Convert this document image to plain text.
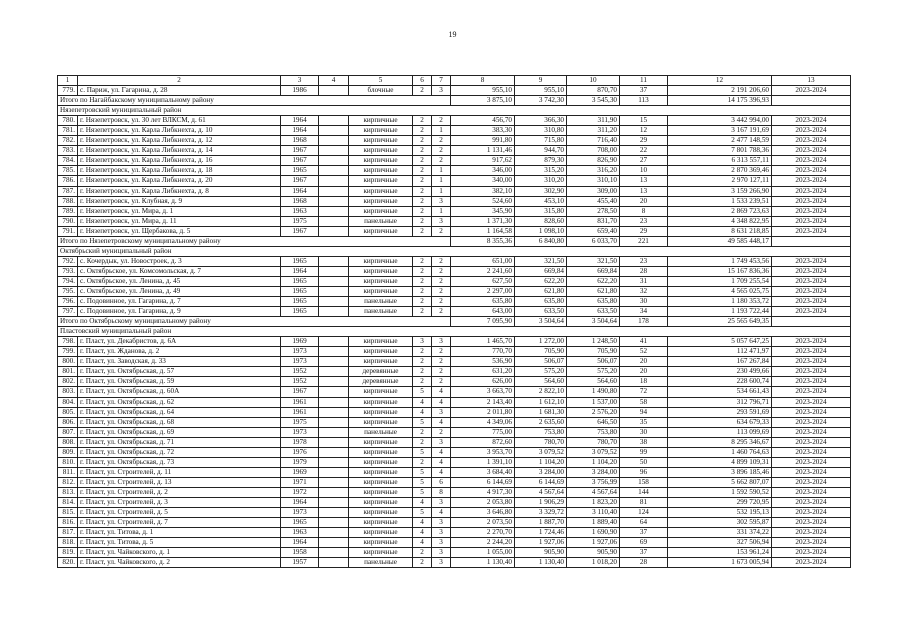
19
1	2	3	4	5	6	7	8	9	10	11	12	13
779.	с. Париж, ул. Гагарина, д. 28	1986		блочные	2	3	955,10	955,10	870,70	37	2 191 206,60	2023-2024
Итого по Нагайбакскому муниципальному району							3 875,10	3 742,30	3 545,30	113	14 175 396,93	
Нязепетровский муниципальный район												
780.	г. Нязепетровск, ул. 30 лет ВЛКСМ, д. 61	1964		кирпичные	2	2	456,70	366,30	311,90	15	3 442 994,00	2023-2024
781.	г. Нязепетровск, ул. Карла Либкнехта, д. 10	1964		кирпичные	2	1	383,30	310,80	311,20	12	3 167 191,69	2023-2024
782.	г. Нязепетровск, ул. Карла Либкнехта, д. 12	1968		кирпичные	2	2	991,80	715,80	716,40	29	2 477 148,59	2023-2024
783.	г. Нязепетровск, ул. Карла Либкнехта, д. 14	1967		кирпичные	2	2	1 131,46	944,70	708,00	22	7 801 788,36	2023-2024
784.	г. Нязепетровск, ул. Карла Либкнехта, д. 16	1967		кирпичные	2	2	917,62	879,30	826,90	27	6 313 557,11	2023-2024
785.	г. Нязепетровск, ул. Карла Либкнехта, д. 18	1965		кирпичные	2	1	346,00	315,20	316,20	10	2 870 369,46	2023-2024
786.	г. Нязепетровск, ул. Карла Либкнехта, д. 20	1967		кирпичные	2	1	340,00	310,20	310,10	13	2 970 127,11	2023-2024
787.	г. Нязепетровск, ул. Карла Либкнехта, д. 8	1964		кирпичные	2	1	382,10	302,90	309,00	13	3 159 266,90	2023-2024
788.	г. Нязепетровск, ул. Клубная, д. 9	1968		кирпичные	2	3	524,60	453,10	455,40	20	1 533 239,51	2023-2024
789.	г. Нязепетровск, ул. Мира, д. 1	1963		кирпичные	2	1	345,90	315,80	278,50	8	2 869 723,63	2023-2024
790.	г. Нязепетровск, ул. Мира, д. 11	1975		панельные	2	3	1 371,30	828,60	831,70	23	4 348 822,95	2023-2024
791.	г. Нязепетровск, ул. Щербакова, д. 5	1967		кирпичные	2	2	1 164,58	1 098,10	659,40	29	8 631 218,85	2023-2024
Итого по Нязепетровскому муниципальному району							8 355,36	6 840,80	6 033,70	221	49 585 448,17	
Октябрьский муниципальный район												
792.	с. Кочердык, ул. Новостроек, д. 3	1965		кирпичные	2	2	651,00	321,50	321,50	23	1 749 453,56	2023-2024
793.	с. Октябрьское, ул. Комсомольская, д. 7	1964		кирпичные	2	2	2 241,60	669,84	669,84	28	15 167 836,36	2023-2024
794.	с. Октябрьское, ул. Ленина, д. 45	1965		кирпичные	2	2	627,50	622,20	622,20	31	1 709 255,54	2023-2024
795.	с. Октябрьское, ул. Ленина, д. 49	1965		кирпичные	2	2	2 297,00	621,80	621,80	32	4 565 025,75	2023-2024
796.	с. Подовинное, ул. Гагарина, д. 7	1965		панельные	2	2	635,80	635,80	635,80	30	1 180 353,72	2023-2024
797.	с. Подовинное, ул. Гагарина, д. 9	1965		панельные	2	2	643,00	633,50	633,50	34	1 193 722,44	2023-2024
Итого по Октябрьскому муниципальному району							7 095,90	3 504,64	3 504,64	178	25 565 649,35	
Пластовский муниципальный район												
798.	г. Пласт, ул. Декабристов, д. 6А	1969		кирпичные	3	3	1 465,70	1 272,00	1 248,50	41	5 057 647,25	2023-2024
799.	г. Пласт, ул. Жданова, д. 2	1973		кирпичные	2	2	770,70	705,90	705,90	52	112 471,97	2023-2024
800.	г. Пласт, ул. Заводская, д. 33	1973		кирпичные	2	2	536,90	506,07	506,07	20	167 267,84	2023-2024
801.	г. Пласт, ул. Октябрьская, д. 57	1952		деревянные	2	2	631,20	575,20	575,20	20	230 499,66	2023-2024
802.	г. Пласт, ул. Октябрьская, д. 59	1952		деревянные	2	2	626,00	564,60	564,60	18	228 600,74	2023-2024
803.	г. Пласт, ул. Октябрьская, д. 60А	1967		кирпичные	5	4	3 663,70	2 822,10	1 490,80	72	534 661,43	2023-2024
804.	г. Пласт, ул. Октябрьская, д. 62	1961		кирпичные	4	4	2 143,40	1 612,10	1 537,00	58	312 796,71	2023-2024
805.	г. Пласт, ул. Октябрьская, д. 64	1961		кирпичные	4	3	2 011,80	1 681,30	2 576,20	94	293 591,69	2023-2024
806.	г. Пласт, ул. Октябрьская, д. 68	1975		кирпичные	5	4	4 349,06	2 635,60	646,50	35	634 679,33	2023-2024
807.	г. Пласт, ул. Октябрьская, д. 69	1973		панельные	2	2	775,00	753,80	753,80	30	113 099,69	2023-2024
808.	г. Пласт, ул. Октябрьская, д. 71	1978		кирпичные	2	3	872,60	780,70	780,70	38	8 295 346,67	2023-2024
809.	г. Пласт, ул. Октябрьская, д. 72	1976		кирпичные	5	4	3 953,70	3 079,52	3 079,52	99	1 460 764,63	2023-2024
810.	г. Пласт, ул. Октябрьская, д. 73	1979		кирпичные	2	4	1 391,10	1 104,20	1 104,20	50	4 899 109,31	2023-2024
811.	г. Пласт, ул. Строителей, д. 11	1969		кирпичные	5	4	3 684,40	3 284,00	3 284,00	96	3 896 185,46	2023-2024
812.	г. Пласт, ул. Строителей, д. 13	1971		кирпичные	5	6	6 144,69	6 144,69	3 756,99	158	5 662 807,07	2023-2024
813.	г. Пласт, ул. Строителей, д. 2	1972		кирпичные	5	8	4 917,30	4 567,64	4 567,64	144	1 592 590,52	2023-2024
814.	г. Пласт, ул. Строителей, д. 3	1964		кирпичные	4	3	2 053,80	1 906,29	1 823,20	81	299 720,95	2023-2024
815.	г. Пласт, ул. Строителей, д. 5	1973		кирпичные	5	4	3 646,80	3 329,72	3 110,40	124	532 195,13	2023-2024
816.	г. Пласт, ул. Строителей, д. 7	1965		кирпичные	4	3	2 073,50	1 887,70	1 889,40	64	302 595,87	2023-2024
817.	г. Пласт, ул. Титова, д. 1	1963		кирпичные	4	3	2 270,70	1 724,46	1 690,90	37	331 374,22	2023-2024
818.	г. Пласт, ул. Титова, д. 5	1964		кирпичные	4	3	2 244,20	1 927,06	1 927,06	69	327 506,94	2023-2024
819.	г. Пласт, ул. Чайковского, д. 1	1958		кирпичные	2	3	1 055,00	905,90	905,90	37	153 961,24	2023-2024
820.	г. Пласт, ул. Чайковского, д. 2	1957		панельные	2	3	1 130,40	1 130,40	1 018,20	28	1 673 005,94	2023-2024
